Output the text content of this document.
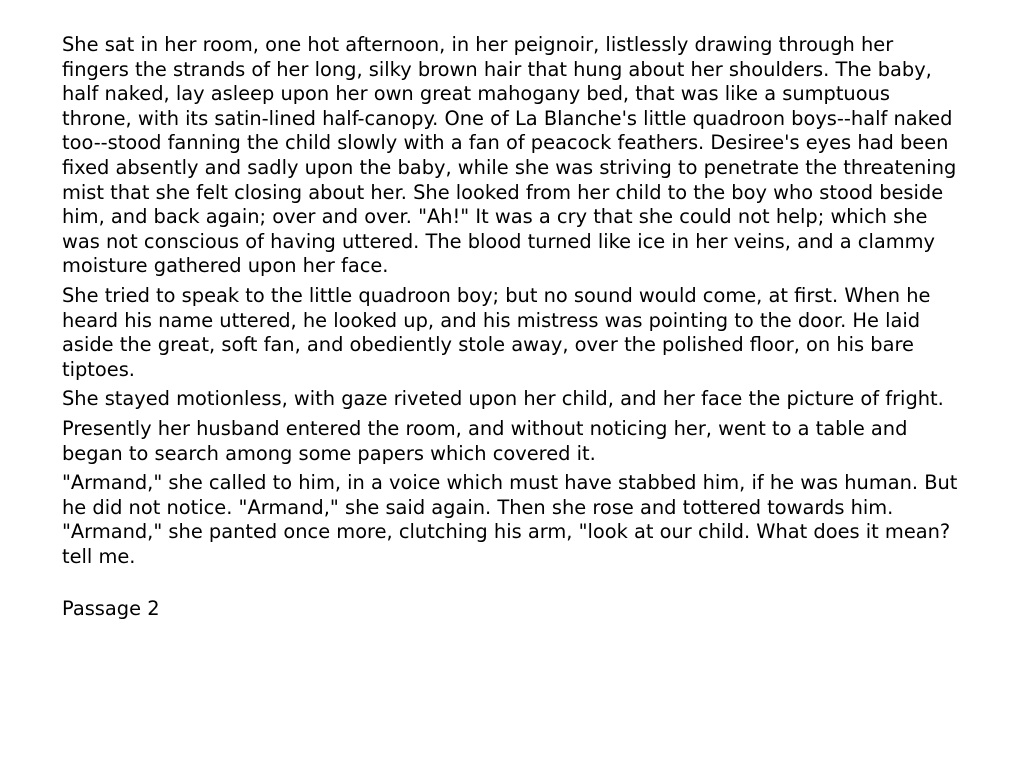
She sat in her room, one hot afternoon, in her peignoir, listlessly drawing through her fingers the strands of her long, silky brown hair that hung about her shoulders. The baby, half naked, lay asleep upon her own great mahogany bed, that was like a sumptuous throne, with its satin-lined half-canopy. One of La Blanche's little quadroon boys--half naked too--stood fanning the child slowly with a fan of peacock feathers. Desiree's eyes had been fixed absently and sadly upon the baby, while she was striving to penetrate the threatening mist that she felt closing about her. She looked from her child to the boy who stood beside him, and back again; over and over. "Ah!" It was a cry that she could not help; which she was not conscious of having uttered. The blood turned like ice in her veins, and a clammy moisture gathered upon her face.

She tried to speak to the little quadroon boy; but no sound would come, at first. When he heard his name uttered, he looked up, and his mistress was pointing to the door. He laid aside the great, soft fan, and obediently stole away, over the polished floor, on his bare tiptoes.

She stayed motionless, with gaze riveted upon her child, and her face the picture of fright.

Presently her husband entered the room, and without noticing her, went to a table and began to search among some papers which covered it.

"Armand," she called to him, in a voice which must have stabbed him, if he was human. But he did not notice. "Armand," she said again. Then she rose and tottered towards him. "Armand," she panted once more, clutching his arm, "look at our child. What does it mean? tell me.

Passage 2
